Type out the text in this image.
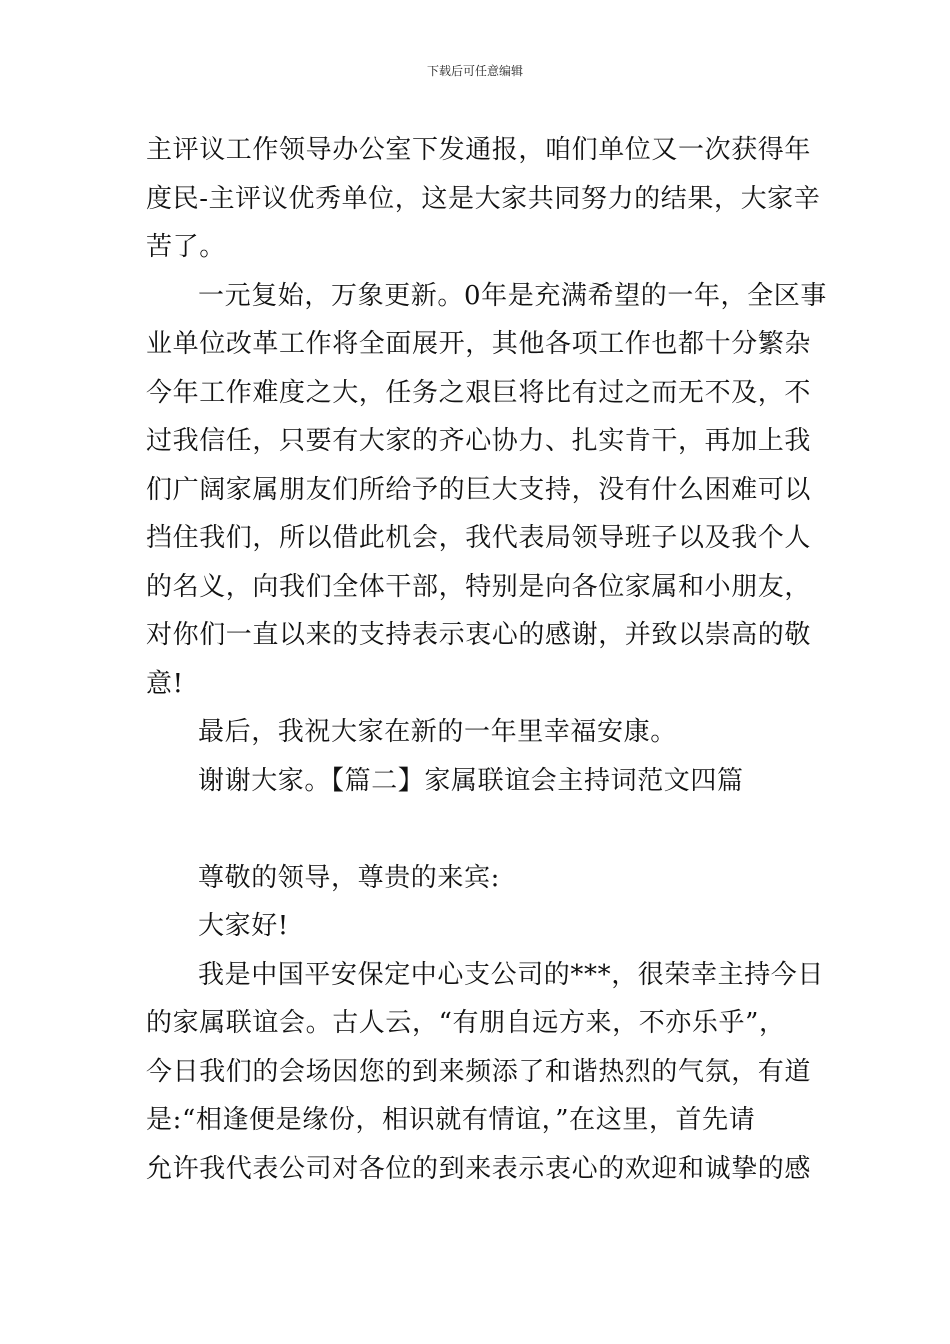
下载后可任意编辑
主评议工作领导办公室下发通报，咱们单位又一次获得年
度民-主评议优秀单位，这是大家共同努力的结果，大家辛
苦了。
一元复始，万象更新。0年是充满希望的一年，全区事
业单位改革工作将全面展开，其他各项工作也都十分繁杂
今年工作难度之大，任务之艰巨将比有过之而无不及，不
过我信任，只要有大家的齐心协力、扎实肯干，再加上我
们广阔家属朋友们所给予的巨大支持，没有什么困难可以
挡住我们，所以借此机会，我代表局领导班子以及我个人
的名义，向我们全体干部，特别是向各位家属和小朋友，
对你们一直以来的支持表示衷心的感谢，并致以崇高的敬
意!
最后，我祝大家在新的一年里幸福安康。
谢谢大家。【篇二】家属联谊会主持词范文四篇
尊敬的领导，尊贵的来宾:
大家好!
我是中国平安保定中心支公司的***，很荣幸主持今日
的家属联谊会。古人云，“有朋自远方来，不亦乐乎”，
今日我们的会场因您的到来频添了和谐热烈的气氛，有道
是:“相逢便是缘份，相识就有情谊，”在这里，首先请
允许我代表公司对各位的到来表示衷心的欢迎和诚挚的感
